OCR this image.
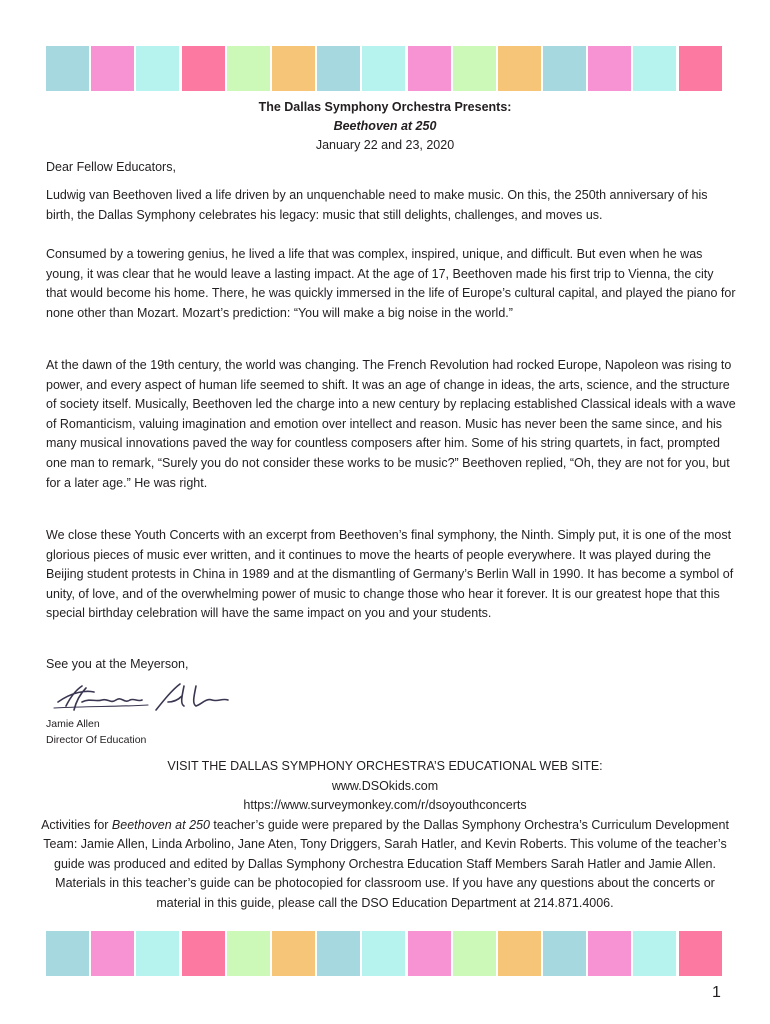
The Dallas Symphony Orchestra Presents:
Beethoven at 250
January 22 and 23, 2020
Dear Fellow Educators,

Ludwig van Beethoven lived a life driven by an unquenchable need to make music. On this, the 250th anniversary of his birth, the Dallas Symphony celebrates his legacy: music that still delights, challenges, and moves us.

Consumed by a towering genius, he lived a life that was complex, inspired, unique, and difficult. But even when he was young, it was clear that he would leave a lasting impact. At the age of 17, Beethoven made his first trip to Vienna, the city that would become his home. There, he was quickly immersed in the life of Europe’s cultural capital, and played the piano for none other than Mozart. Mozart’s prediction: “You will make a big noise in the world.”

At the dawn of the 19th century, the world was changing. The French Revolution had rocked Europe, Napoleon was rising to power, and every aspect of human life seemed to shift. It was an age of change in ideas, the arts, science, and the structure of society itself. Musically, Beethoven led the charge into a new century by replacing established Classical ideals with a wave of Romanticism, valuing imagination and emotion over intellect and reason. Music has never been the same since, and his many musical innovations paved the way for countless composers after him. Some of his string quartets, in fact, prompted one man to remark, “Surely you do not consider these works to be music?” Beethoven replied, “Oh, they are not for you, but for a later age.” He was right.

We close these Youth Concerts with an excerpt from Beethoven’s final symphony, the Ninth. Simply put, it is one of the most glorious pieces of music ever written, and it continues to move the hearts of people everywhere. It was played during the Beijing student protests in China in 1989 and at the dismantling of Germany’s Berlin Wall in 1990. It has become a symbol of unity, of love, and of the overwhelming power of music to change those who hear it forever. It is our greatest hope that this special birthday celebration will have the same impact on you and your students.

See you at the Meyerson,
Jamie Allen
Director Of Education

VISIT THE DALLAS SYMPHONY ORCHESTRA’S EDUCATIONAL WEB SITE:

www.DSOkids.com

https://www.surveymonkey.com/r/dsoyouthconcerts

Activities for Beethoven at 250 teacher’s guide were prepared by the Dallas Symphony Orchestra’s Curriculum Development Team: Jamie Allen, Linda Arbolino, Jane Aten, Tony Driggers, Sarah Hatler, and Kevin Roberts. This volume of the teacher’s guide was produced and edited by Dallas Symphony Orchestra Education Staff Members Sarah Hatler and Jamie Allen. Materials in this teacher’s guide can be photocopied for classroom use. If you have any questions about the concerts or material in this guide, please call the DSO Education Department at 214.871.4006.

1
